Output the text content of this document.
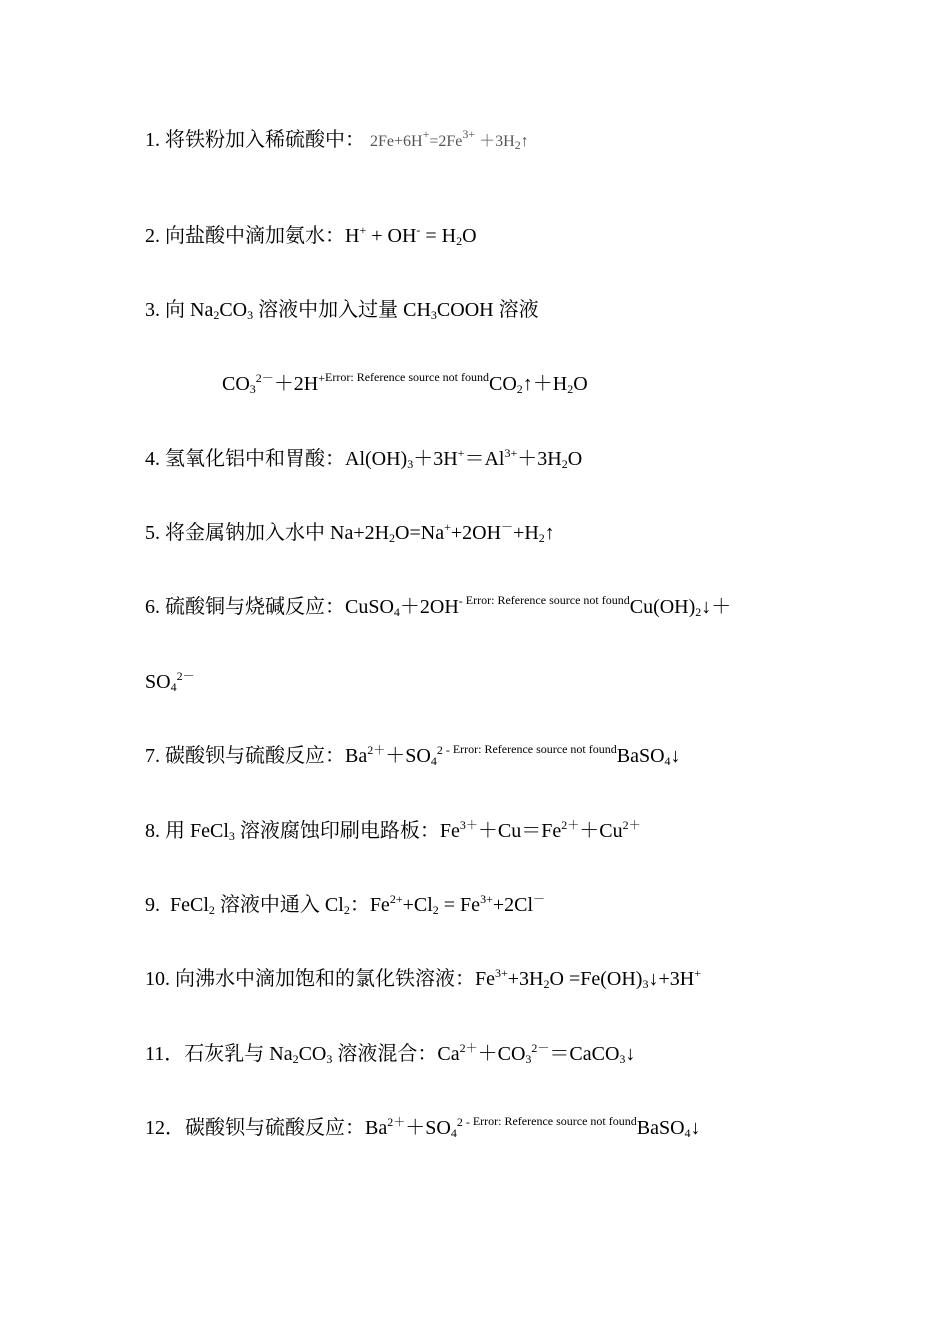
1. 将铁粉加入稀硫酸中： $2Fe+6H^+=2Fe^{3+}$ $+3H_2↑$
2. 向盐酸中滴加氨水：$H^+ + OH^- = H_2O$
3. 向 $Na_2CO_3$ 溶液中加入过量 $CH_3COOH$ 溶液
$CO_3^{2-}+2H^{+Error: Reference source not found}CO_2↑+H_2O$
4. 氢氧化铝中和胃酸：$Al(OH)_3+3H^+=Al^{3+}+3H_2O$
5. 将金属钠加入水中 $Na+2H_2O=Na^++2OH^-+H_2↑$
6. 硫酸铜与烧碱反应：CuSO$_4$＋2OH- $^{Error: Reference source not found}Cu(OH)_2↓+$
$SO_4^{2-}$
7. 碳酸钡与硫酸反应：$Ba^{2+}+SO_4^{2 -}$ $^{Error: Reference source not found}$BaSO$_4$↓
8. 用 FeCl$_3$ 溶液腐蚀印刷电路板：$Fe^{3+}+Cu=Fe^{2+}+Cu^{2+}$
9.  FeCl$_2$ 溶液中通入 $Cl_2$：$Fe^{2+}+Cl_2 = Fe^{3+}+2Cl^-$
10. 向沸水中滴加饱和的氯化铁溶液：$Fe^{3+}+3H_2O$ $=Fe(OH)_3↓+3H^+$
11．石灰乳与 $Na_2CO_3$ 溶液混合：$Ca^{2+}+CO_3^{2-}=CaCO_3↓$
12．碳酸钡与硫酸反应：$Ba^{2+}+SO_4^{2 -}$ $^{Error: Reference source not found}$BaSO$_4$↓
